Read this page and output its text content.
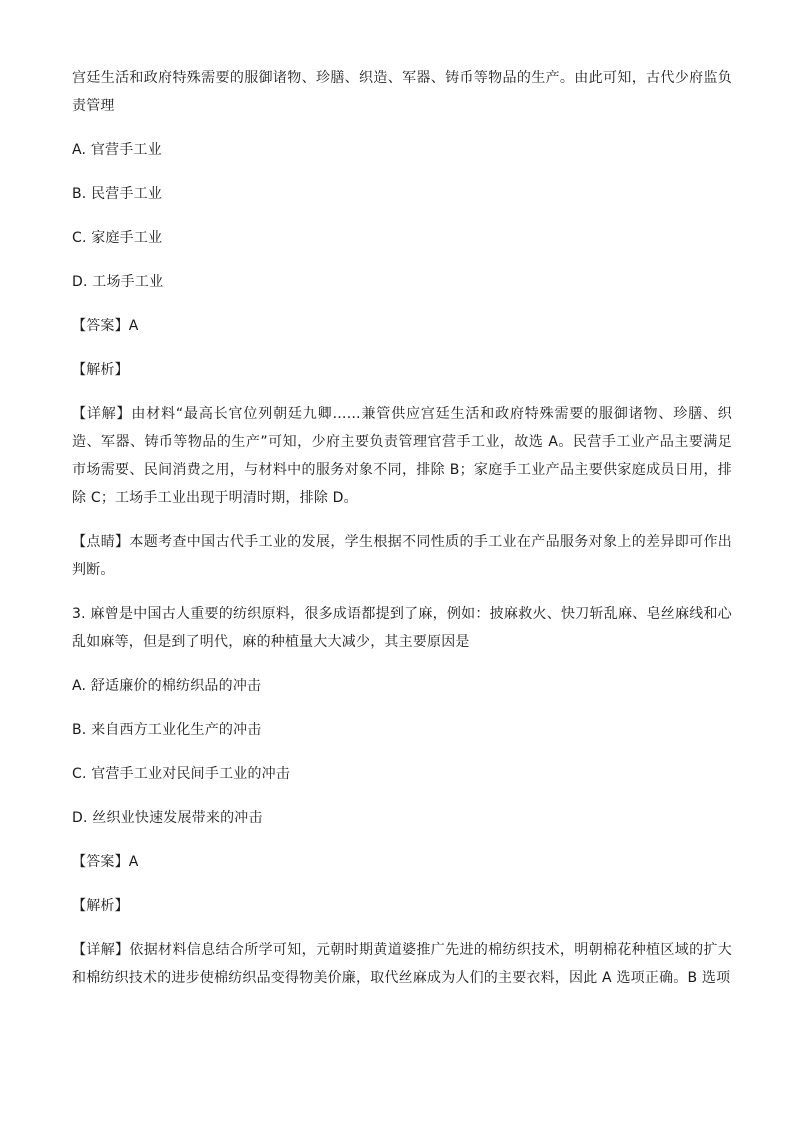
宫廷生活和政府特殊需要的服御诸物、珍膳、织造、军器、铸币等物品的生产。由此可知，古代少府监负责管理

A. 官营手工业

B. 民营手工业

C. 家庭手工业

D. 工场手工业

【答案】A

【解析】

【详解】由材料“最高长官位列朝廷九卿……兼管供应宫廷生活和政府特殊需要的服御诸物、珍膳、织造、军器、铸币等物品的生产”可知，少府主要负责管理官营手工业，故选 A。民营手工业产品主要满足市场需要、民间消费之用，与材料中的服务对象不同，排除 B；家庭手工业产品主要供家庭成员日用，排除 C；工场手工业出现于明清时期，排除 D。

【点睛】本题考查中国古代手工业的发展，学生根据不同性质的手工业在产品服务对象上的差异即可作出判断。

3. 麻曾是中国古人重要的纺织原料，很多成语都提到了麻，例如：披麻救火、快刀斩乱麻、皂丝麻线和心乱如麻等，但是到了明代，麻的种植量大大减少，其主要原因是

A. 舒适廉价的棉纺织品的冲击

B. 来自西方工业化生产的冲击

C. 官营手工业对民间手工业的冲击

D. 丝织业快速发展带来的冲击

【答案】A

【解析】

【详解】依据材料信息结合所学可知，元朝时期黄道婆推广先进的棉纺织技术，明朝棉花种植区域的扩大和棉纺织技术的进步使棉纺织品变得物美价廉，取代丝麻成为人们的主要衣料，因此 A 选项正确。B 选项
